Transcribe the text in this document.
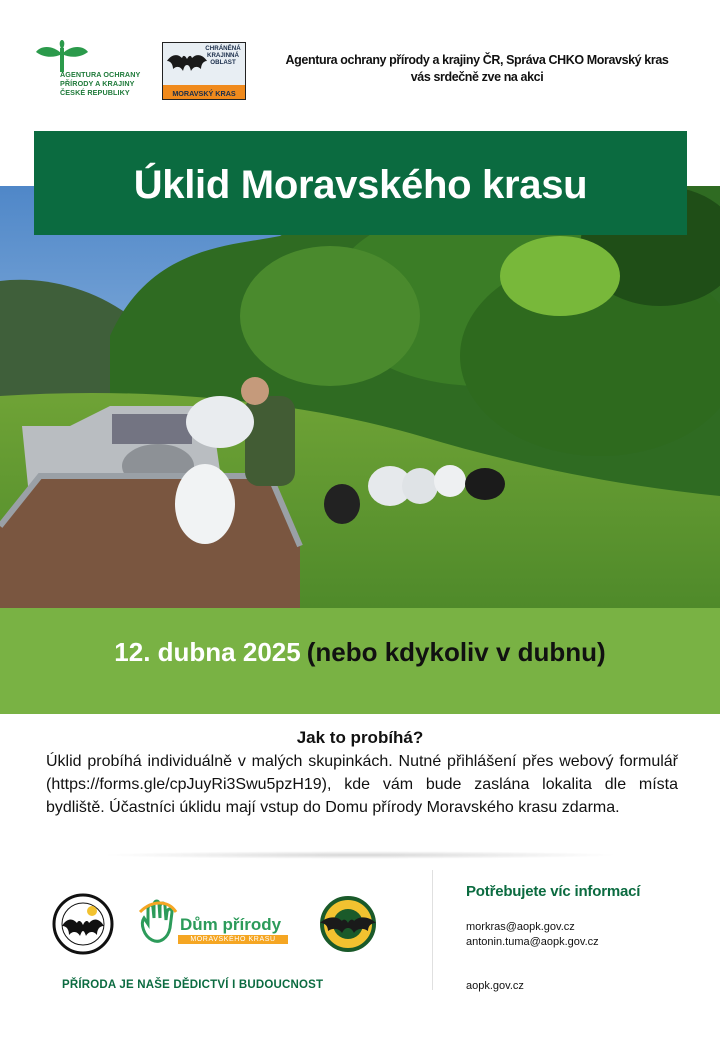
AGENTURA OCHRANY
PŘÍRODY A KRAJINY
ČESKÉ REPUBLIKY
CHRÁNĚNÁ
KRAJINNÁ
OBLAST
MORAVSKÝ KRAS
Agentura ochrany přírody a krajiny ČR, Správa CHKO Moravský kras
vás srdečně zve na akci
Úklid Moravského krasu
12. dubna 2025 (nebo kdykoliv v dubnu)
Jak to probíhá?
Úklid probíhá individuálně v malých skupinkách. Nutné přihlášení přes webový formulář (https://forms.gle/cpJuyRi3Swu5pzH19), kde vám bude zaslána lokalita dle místa bydliště. Účastníci úklidu mají vstup do Domu přírody Moravského krasu zdarma.
Dům přírody
MORAVSKÉHO KRASU
PŘÍRODA JE NAŠE DĚDICTVÍ I BUDOUCNOST
Potřebujete víc informací
morkras@aopk.gov.cz
antonin.tuma@aopk.gov.cz
aopk.gov.cz
